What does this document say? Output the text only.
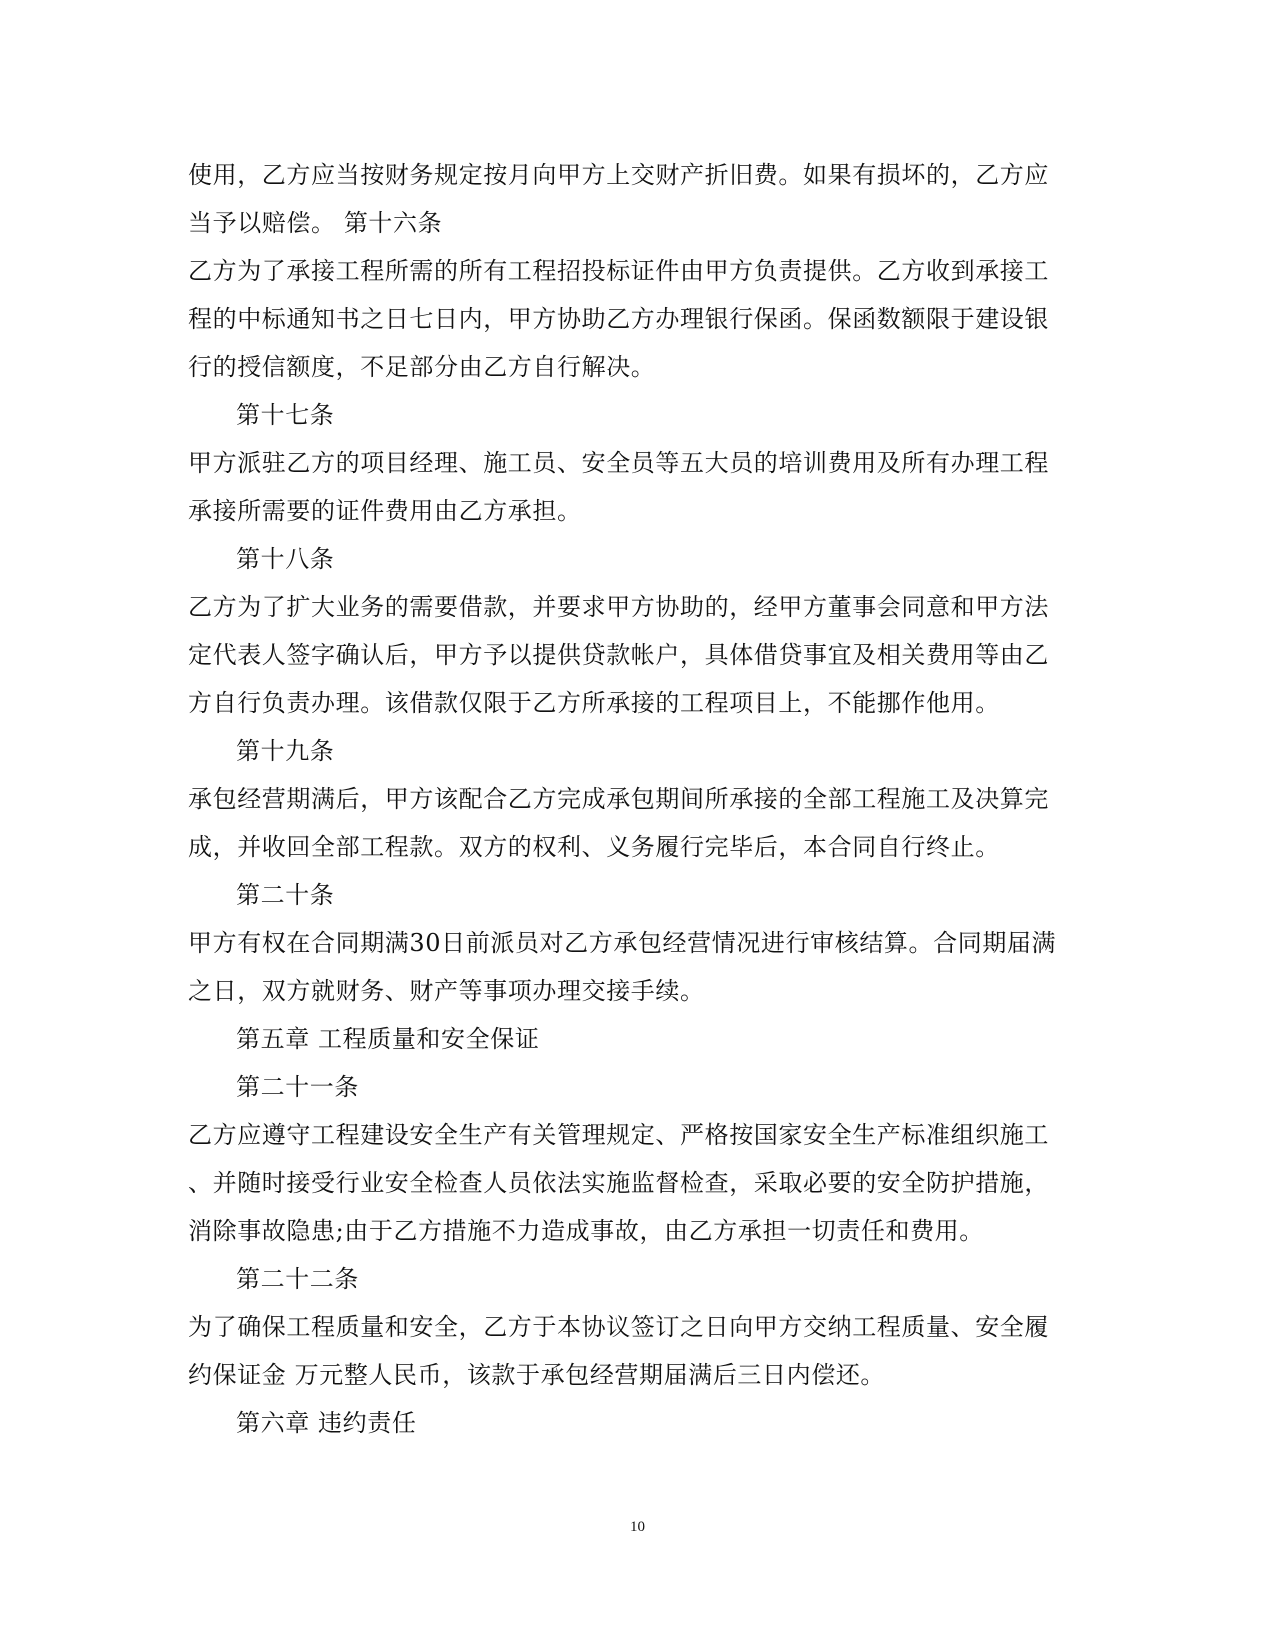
使用，乙方应当按财务规定按月向甲方上交财产折旧费。如果有损坏的，乙方应
当予以赔偿。 第十六条
乙方为了承接工程所需的所有工程招投标证件由甲方负责提供。乙方收到承接工
程的中标通知书之日七日内，甲方协助乙方办理银行保函。保函数额限于建设银
行的授信额度，不足部分由乙方自行解决。
第十七条
甲方派驻乙方的项目经理、施工员、安全员等五大员的培训费用及所有办理工程
承接所需要的证件费用由乙方承担。
第十八条
乙方为了扩大业务的需要借款，并要求甲方协助的，经甲方董事会同意和甲方法
定代表人签字确认后，甲方予以提供贷款帐户，具体借贷事宜及相关费用等由乙
方自行负责办理。该借款仅限于乙方所承接的工程项目上，不能挪作他用。
第十九条
承包经营期满后，甲方该配合乙方完成承包期间所承接的全部工程施工及决算完
成，并收回全部工程款。双方的权利、义务履行完毕后，本合同自行终止。
第二十条
甲方有权在合同期满30日前派员对乙方承包经营情况进行审核结算。合同期届满
之日，双方就财务、财产等事项办理交接手续。
第五章 工程质量和安全保证
第二十一条
乙方应遵守工程建设安全生产有关管理规定、严格按国家安全生产标准组织施工
、并随时接受行业安全检查人员依法实施监督检查，采取必要的安全防护措施，
消除事故隐患;由于乙方措施不力造成事故，由乙方承担一切责任和费用。
第二十二条
为了确保工程质量和安全，乙方于本协议签订之日向甲方交纳工程质量、安全履
约保证金 万元整人民币，该款于承包经营期届满后三日内偿还。
第六章 违约责任
10
